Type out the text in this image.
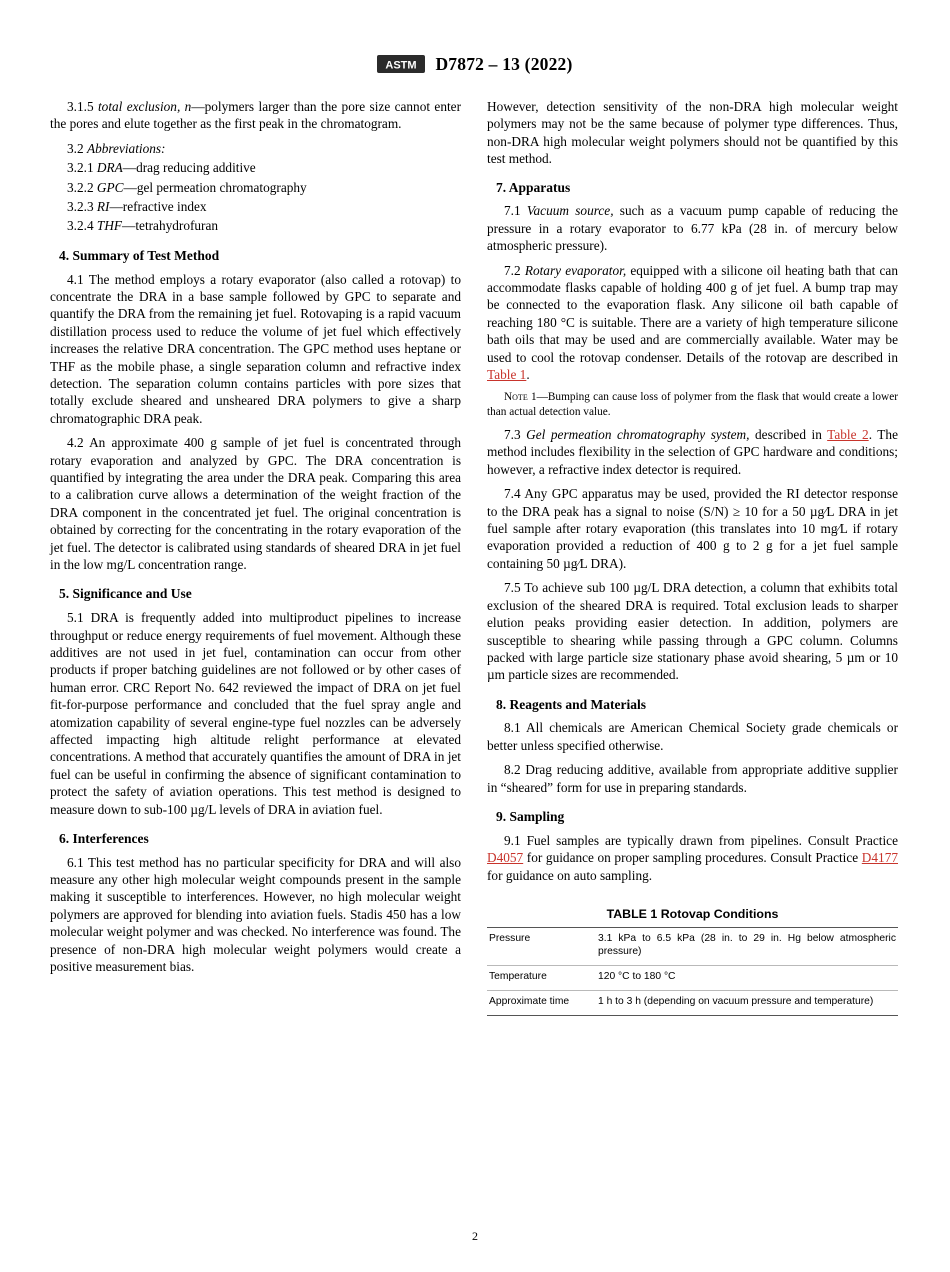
ASTM D7872 – 13 (2022)

3.1.5 total exclusion, n—polymers larger than the pore size cannot enter the pores and elute together as the first peak in the chromatogram.

3.2 Abbreviations:

3.2.1 DRA—drag reducing additive

3.2.2 GPC—gel permeation chromatography

3.2.3 RI—refractive index

3.2.4 THF—tetrahydrofuran

4. Summary of Test Method

4.1 The method employs a rotary evaporator (also called a rotovap) to concentrate the DRA in a base sample followed by GPC to separate and quantify the DRA from the remaining jet fuel. Rotovaping is a rapid vacuum distillation process used to reduce the volume of jet fuel which effectively increases the relative DRA concentration. The GPC method uses heptane or THF as the mobile phase, a single separation column and refractive index detection. The separation column contains particles with pore sizes that totally exclude sheared and unsheared DRA polymers to give a sharp chromatographic DRA peak.

4.2 An approximate 400 g sample of jet fuel is concentrated through rotary evaporation and analyzed by GPC. The DRA concentration is quantified by integrating the area under the DRA peak. Comparing this area to a calibration curve allows a determination of the weight fraction of the DRA component in the concentrated jet fuel. The original concentration is obtained by correcting for the concentrating in the rotary evaporation of the jet fuel. The detector is calibrated using standards of sheared DRA in jet fuel in the low mg/L concentration range.

5. Significance and Use

5.1 DRA is frequently added into multiproduct pipelines to increase throughput or reduce energy requirements of fuel movement. Although these additives are not used in jet fuel, contamination can occur from other products if proper batching guidelines are not followed or by other cases of human error. CRC Report No. 642 reviewed the impact of DRA on jet fuel fit-for-purpose performance and concluded that the fuel spray angle and atomization capability of several engine-type fuel nozzles can be adversely affected impacting high altitude relight performance at elevated concentrations. A method that accurately quantifies the amount of DRA in jet fuel can be useful in confirming the absence of significant contamination to protect the safety of aviation operations. This test method is designed to measure down to sub-100 µg/L levels of DRA in aviation fuel.

6. Interferences

6.1 This test method has no particular specificity for DRA and will also measure any other high molecular weight compounds present in the sample making it susceptible to interferences. However, no high molecular weight polymers are approved for blending into aviation fuels. Stadis 450 has a low molecular weight polymer and was checked. No interference was found. The presence of non-DRA high molecular weight polymers would create a positive measurement bias.

However, detection sensitivity of the non-DRA high molecular weight polymers may not be the same because of polymer type differences. Thus, non-DRA high molecular weight polymers should not be quantified by this test method.

7. Apparatus

7.1 Vacuum source, such as a vacuum pump capable of reducing the pressure in a rotary evaporator to 6.77 kPa (28 in. of mercury below atmospheric pressure).

7.2 Rotary evaporator, equipped with a silicone oil heating bath that can accommodate flasks capable of holding 400 g of jet fuel. A bump trap may be connected to the evaporation flask. Any silicone oil bath capable of reaching 180 °C is suitable. There are a variety of high temperature silicone bath oils that may be used and are commercially available. Water may be used to cool the rotovap condenser. Details of the rotovap are described in Table 1.

Note 1—Bumping can cause loss of polymer from the flask that would create a lower than actual detection value.

7.3 Gel permeation chromatography system, described in Table 2. The method includes flexibility in the selection of GPC hardware and conditions; however, a refractive index detector is required.

7.4 Any GPC apparatus may be used, provided the RI detector response to the DRA peak has a signal to noise (S/N) ≥ 10 for a 50 µg⁄L DRA in jet fuel sample after rotary evaporation (this translates into 10 mg⁄L if rotary evaporation provided a reduction of 400 g to 2 g for a jet fuel sample containing 50 µg⁄L DRA).

7.5 To achieve sub 100 µg/L DRA detection, a column that exhibits total exclusion of the sheared DRA is required. Total exclusion leads to sharper elution peaks providing easier detection. In addition, polymers are susceptible to shearing while passing through a GPC column. Columns packed with large particle size stationary phase avoid shearing, 5 µm or 10 µm particle sizes are recommended.

8. Reagents and Materials

8.1 All chemicals are American Chemical Society grade chemicals or better unless specified otherwise.

8.2 Drag reducing additive, available from appropriate additive supplier in “sheared” form for use in preparing standards.

9. Sampling

9.1 Fuel samples are typically drawn from pipelines. Consult Practice D4057 for guidance on proper sampling procedures. Consult Practice D4177 for guidance on auto sampling.

TABLE 1 Rotovap Conditions
Pressure	3.1 kPa to 6.5 kPa (28 in. to 29 in. Hg below atmospheric pressure)
Temperature	120 °C to 180 °C
Approximate time	1 h to 3 h (depending on vacuum pressure and temperature)
2
